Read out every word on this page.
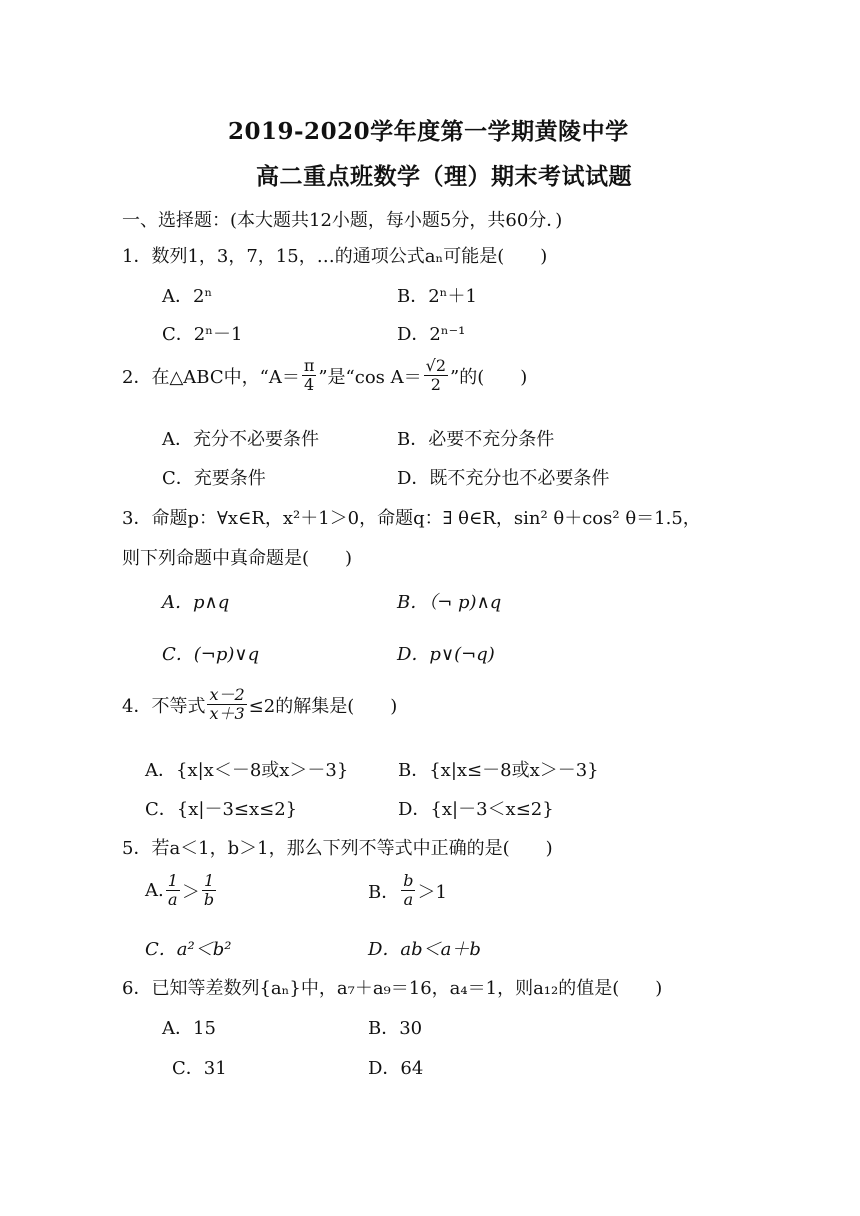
2019-2020学年度第一学期黄陵中学
高二重点班数学（理）期末考试试题
一、选择题：(本大题共12小题，每小题5分，共60分．)
1．数列1，3，7，15，…的通项公式aₙ可能是(　　)
A．2ⁿ	B．2ⁿ＋1
C．2ⁿ－1	D．2ⁿ⁻¹
2．在△ABC中，“$A= \frac{\pi}{4}$ ”是“cos $A= \frac{√2}{2}$ ”的(　　)
A．充分不必要条件	B．必要不充分条件
C．充要条件	D．既不充分也不必要条件
3．命题p：∀x∈R，x²＋1＞0，命题q：∃ θ∈R，sin² θ＋cos² θ＝1.5，
则下列命题中真命题是(　　)
A．p∧q	B．（¬ p)∧q
C．(¬p)∨q	D．p∨(¬q)
4．不等式 $\frac{x-2}{x+3} \le 2$的解集是(　　)
A．{x|x＜－8或x＞－3}	B．{x|x≤－8或x＞－3}
C．{x|－3≤x≤2}	D．{x|－3＜x≤2}
5．若a＜1，b＞1，那么下列不等式中正确的是(　　)
A. $\frac{1}{a} > \frac{1}{b}$	B． $\frac{b}{a} >1$
C．a²＜b²	D．ab＜a＋b
6．已知等差数列{aₙ}中，a₇＋a₉＝16，a₄＝1，则a₁₂的值是(　　)
A．15	B．30
C．31	D．64
